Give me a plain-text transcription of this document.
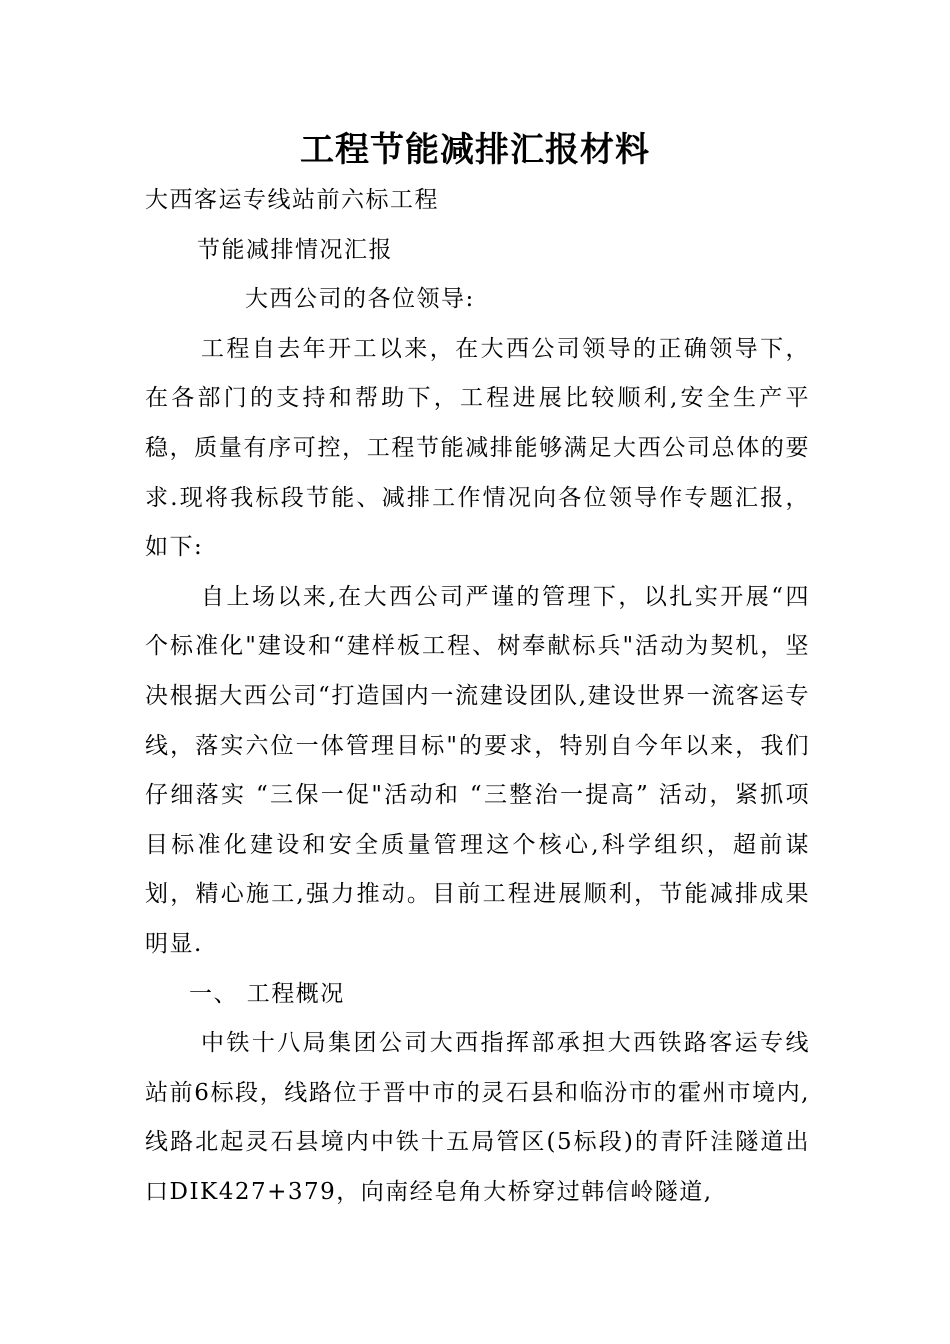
工程节能减排汇报材料

大西客运专线站前六标工程

节能减排情况汇报

大西公司的各位领导:

工程自去年开工以来，在大西公司领导的正确领导下，在各部门的支持和帮助下，工程进展比较顺利,安全生产平稳，质量有序可控，工程节能减排能够满足大西公司总体的要求.现将我标段节能、减排工作情况向各位领导作专题汇报，如下:

自上场以来,在大西公司严谨的管理下，以扎实开展“四个标准化"建设和“建样板工程、树奉献标兵"活动为契机，坚决根据大西公司“打造国内一流建设团队,建设世界一流客运专线，落实六位一体管理目标"的要求，特别自今年以来，我们仔细落实 “三保一促"活动和 “三整治一提高” 活动，紧抓项目标准化建设和安全质量管理这个核心,科学组织，超前谋划，精心施工,强力推动。目前工程进展顺利，节能减排成果明显.

一、 工程概况

中铁十八局集团公司大西指挥部承担大西铁路客运专线站前6标段，线路位于晋中市的灵石县和临汾市的霍州市境内,线路北起灵石县境内中铁十五局管区(5标段)的青阡洼隧道出口DIK427+379，向南经皂角大桥穿过韩信岭隧道,
